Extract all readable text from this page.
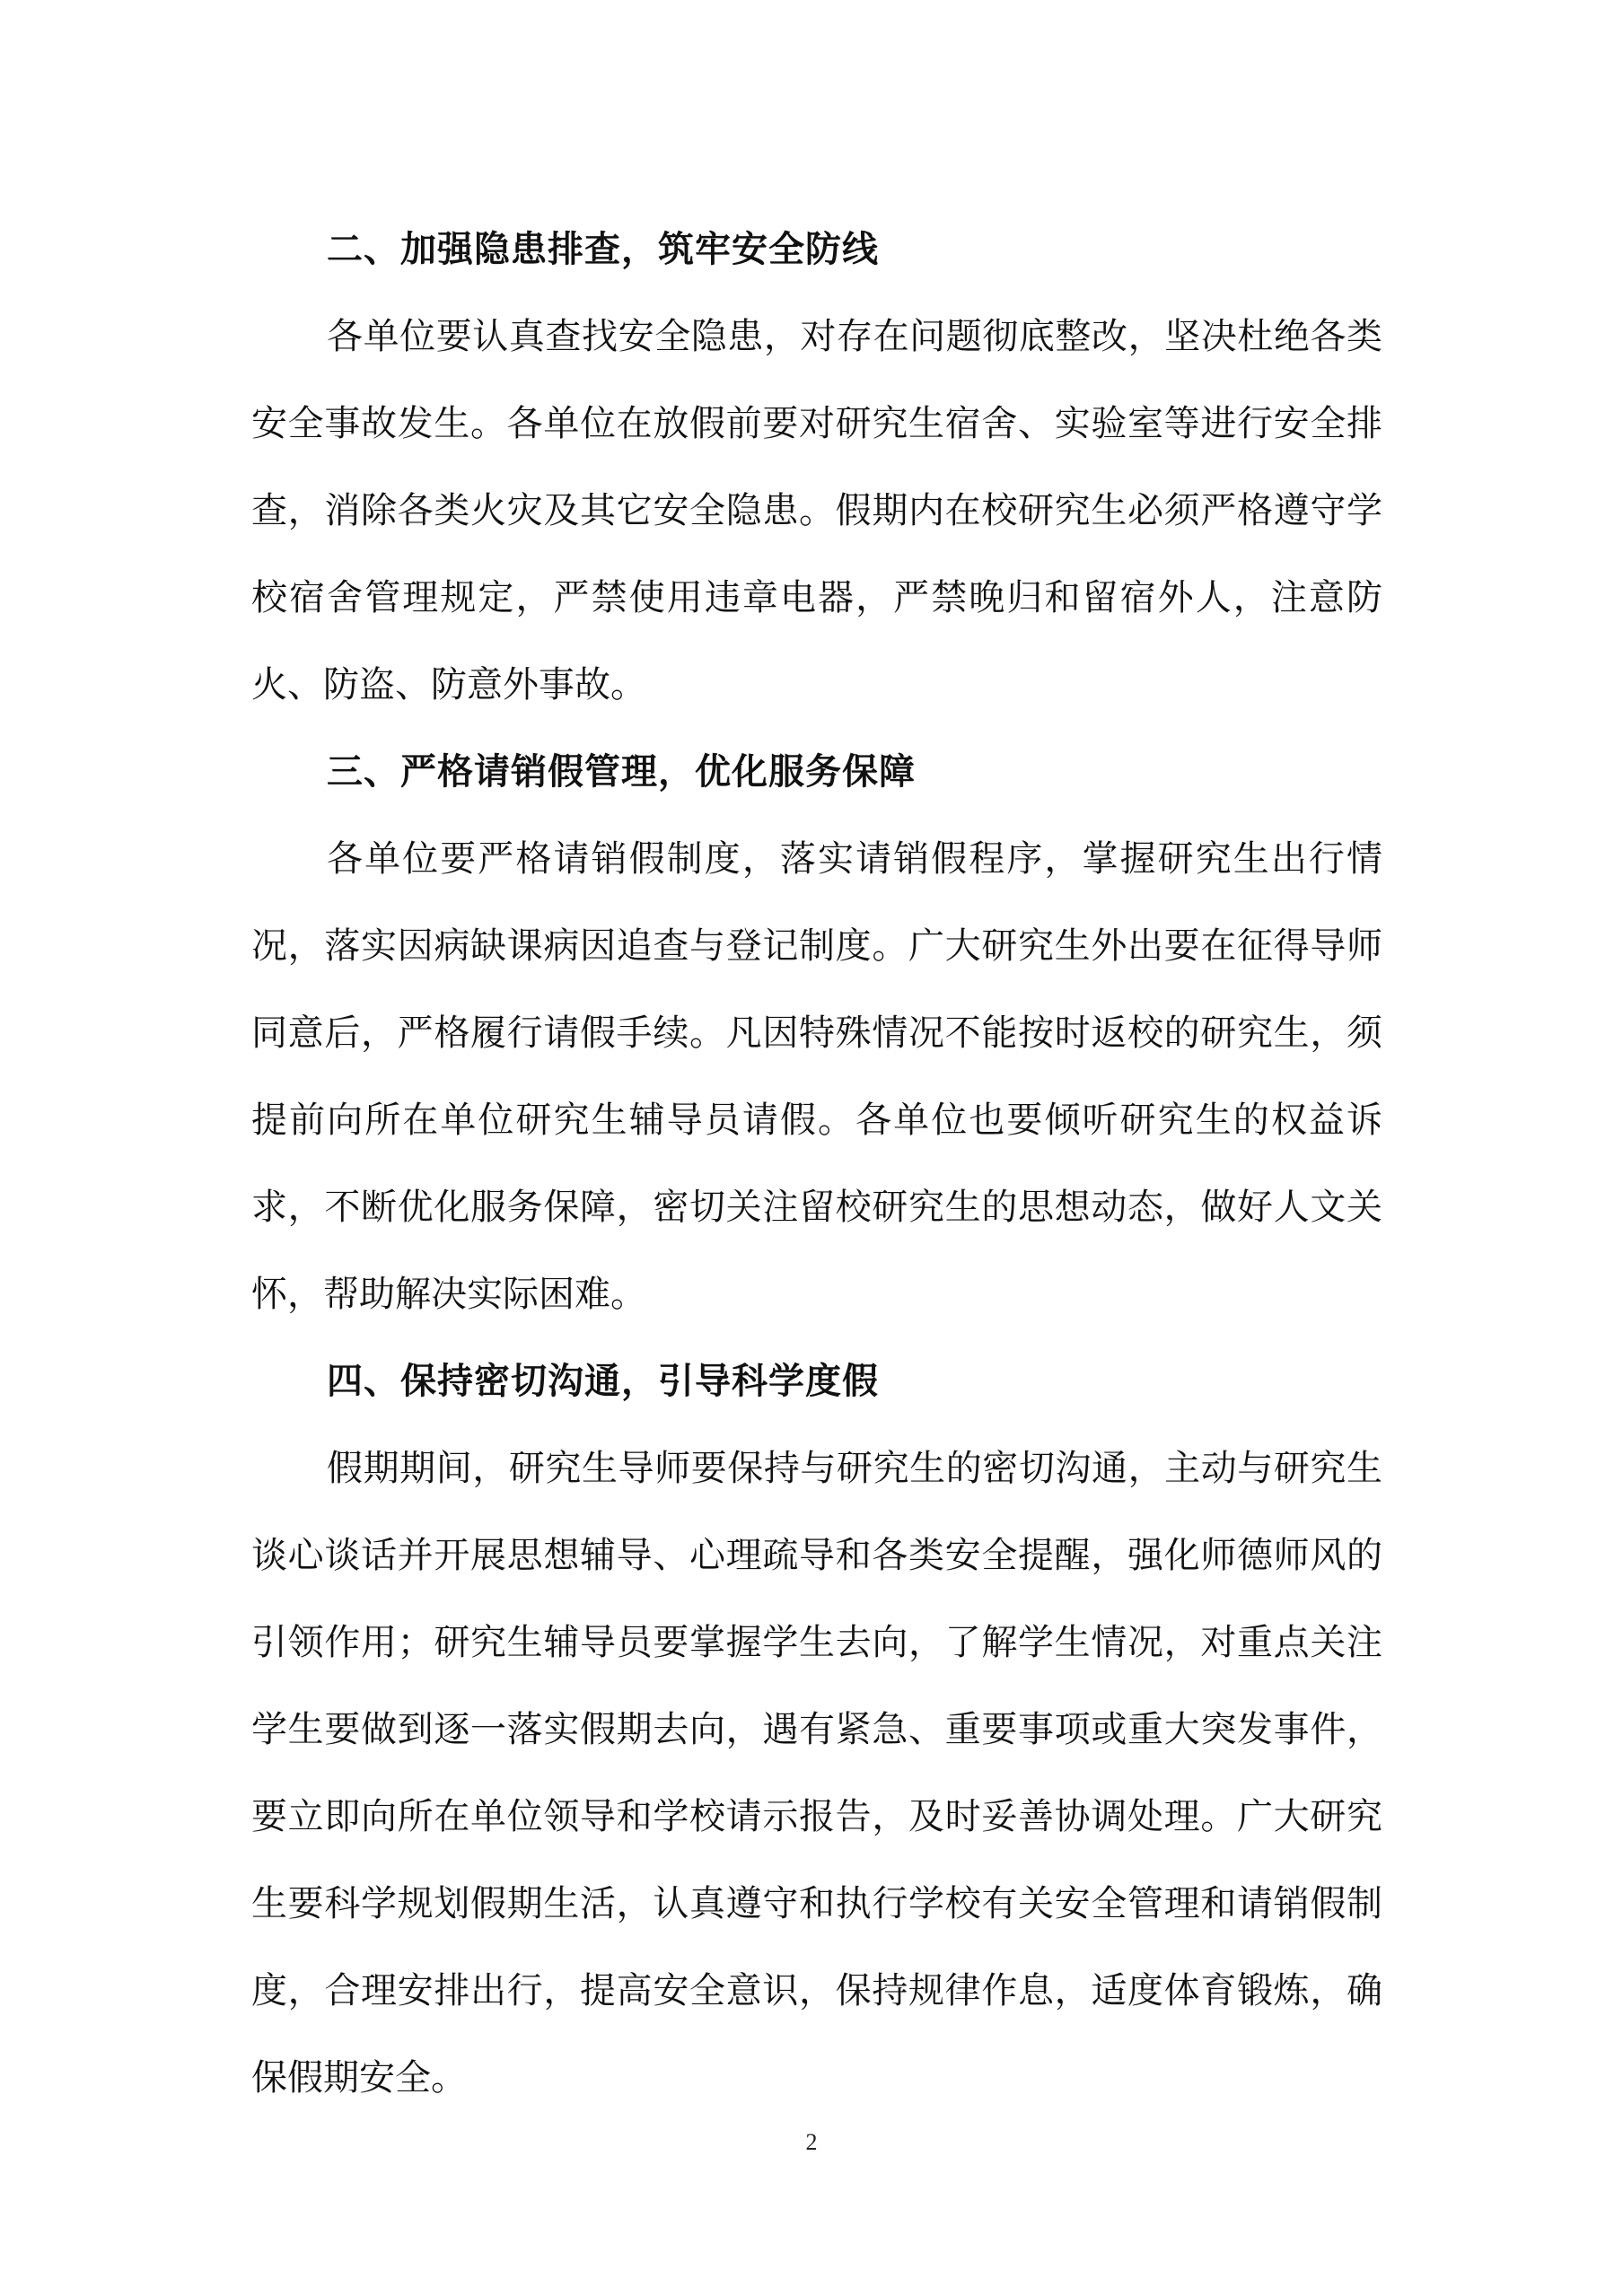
二、加强隐患排查，筑牢安全防线

各单位要认真查找安全隐患，对存在问题彻底整改，坚决杜绝各类安全事故发生。各单位在放假前要对研究生宿舍、实验室等进行安全排查，消除各类火灾及其它安全隐患。假期内在校研究生必须严格遵守学校宿舍管理规定，严禁使用违章电器，严禁晚归和留宿外人，注意防火、防盗、防意外事故。

三、严格请销假管理，优化服务保障

各单位要严格请销假制度，落实请销假程序，掌握研究生出行情况，落实因病缺课病因追查与登记制度。广大研究生外出要在征得导师同意后，严格履行请假手续。凡因特殊情况不能按时返校的研究生，须提前向所在单位研究生辅导员请假。各单位也要倾听研究生的权益诉求，不断优化服务保障，密切关注留校研究生的思想动态，做好人文关怀，帮助解决实际困难。

四、保持密切沟通，引导科学度假

假期期间，研究生导师要保持与研究生的密切沟通，主动与研究生谈心谈话并开展思想辅导、心理疏导和各类安全提醒，强化师德师风的引领作用；研究生辅导员要掌握学生去向，了解学生情况，对重点关注学生要做到逐一落实假期去向，遇有紧急、重要事项或重大突发事件，要立即向所在单位领导和学校请示报告，及时妥善协调处理。广大研究生要科学规划假期生活，认真遵守和执行学校有关安全管理和请销假制度，合理安排出行，提高安全意识，保持规律作息，适度体育锻炼，确保假期安全。

2
